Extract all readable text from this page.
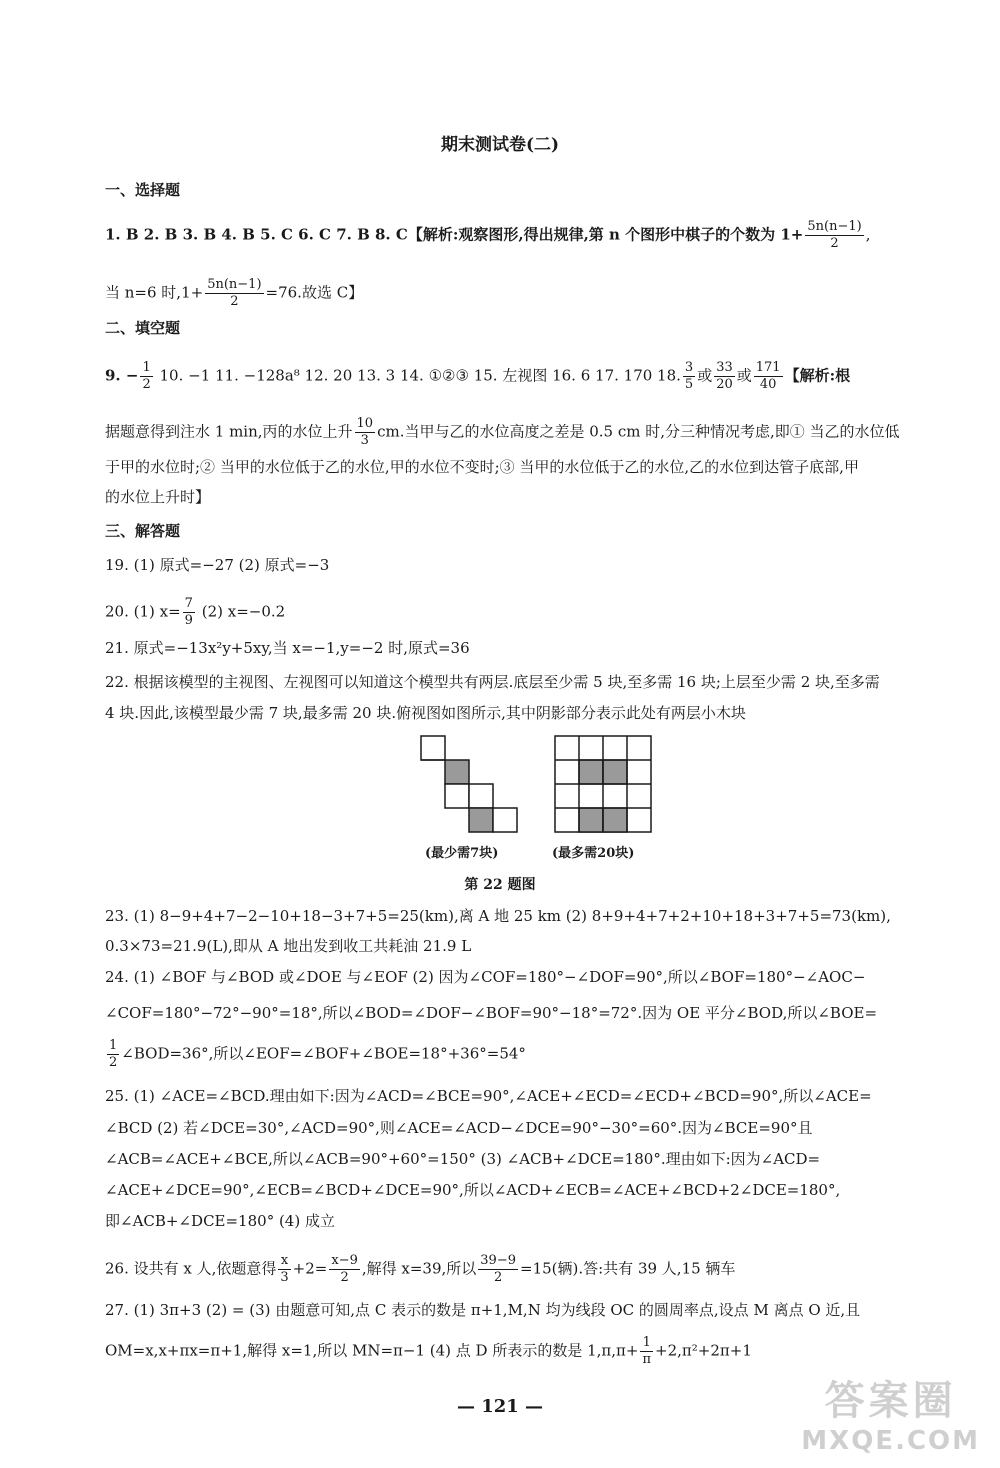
期末测试卷(二)
一、选择题
1. B 2. B 3. B 4. B 5. C 6. C 7. B 8. C【解析:观察图形,得出规律,第 n 个图形中棋子的个数为 $1+ \frac{5n(n-1)}{2}$ ,
当 n=6 时$,1+ \frac{5n(n-1)}{2} =76$.故选 C】
二、填空题
9. − $\frac{1}{2} 10$. −1 11. −128a⁸ 12. 20 13. 3 14. ①②③ 15. 左视图 16. 6 17. 170 18. $\frac{3}{5}$ 或 $\frac{33}{20}$ 或 $\frac{171}{40}$ 【解析:根
据题意得到注水 1 min,丙的水位上升 $\frac{10}{3}$ cm.当甲与乙的水位高度之差是 0.5 cm 时,分三种情况考虑,即① 当乙的水位低
于甲的水位时;② 当甲的水位低于乙的水位,甲的水位不变时;③ 当甲的水位低于乙的水位,乙的水位到达管子底部,甲
的水位上升时】
三、解答题
19. (1) 原式=−27 (2) 原式=−3
20. (1) $x= \frac{7}{9} (2)$ x=−0.2
21. 原式=−13x²y+5xy,当 x=−1,y=−2 时,原式=36
22. 根据该模型的主视图、左视图可以知道这个模型共有两层.底层至少需 5 块,至多需 16 块;上层至少需 2 块,至多需
4 块.因此,该模型最少需 7 块,最多需 20 块.俯视图如图所示,其中阴影部分表示此处有两层小木块
(最少需7块)	(最多需20块)
第 22 题图
23. (1) 8−9+4+7−2−10+18−3+7+5=25(km),离 A 地 25 km (2) 8+9+4+7+2+10+18+3+7+5=73(km),
0.3×73=21.9(L),即从 A 地出发到收工共耗油 21.9 L
24. (1) ∠BOF 与∠BOD 或∠DOE 与∠EOF (2) 因为∠COF=180°−∠DOF=90°,所以∠BOF=180°−∠AOC−
∠COF=180°−72°−90°=18°,所以∠BOD=∠DOF−∠BOF=90°−18°=72°.因为 OE 平分∠BOD,所以∠BOE=
$\frac{1}{2}$ ∠BOD=36°,所以∠EOF=∠BOF+∠BOE=18°+36°=54°
25. (1) ∠ACE=∠BCD.理由如下:因为∠ACD=∠BCE=90°,∠ACE+∠ECD=∠ECD+∠BCD=90°,所以∠ACE=
∠BCD (2) 若∠DCE=30°,∠ACD=90°,则∠ACE=∠ACD−∠DCE=90°−30°=60°.因为∠BCE=90°且
∠ACB=∠ACE+∠BCE,所以∠ACB=90°+60°=150° (3) ∠ACB+∠DCE=180°.理由如下:因为∠ACD=
∠ACE+∠DCE=90°,∠ECB=∠BCD+∠DCE=90°,所以∠ACD+∠ECB=∠ACE+∠BCD+2∠DCE=180°,
即∠ACB+∠DCE=180° (4) 成立
26. 设共有 x 人,依题意得 $\frac{x}{3} +2= \frac{x-9}{2}$ ,解得 x=39,所以 $\frac{39-9}{2} =15$(辆).答:共有 39 人,15 辆车
27. (1) 3π+3 (2) = (3) 由题意可知,点 C 表示的数是 π+1,M,N 均为线段 OC 的圆周率点,设点 M 离点 O 近,且
OM=x,x+πx=π+1,解得 x=1,所以 MN=π−1 (4) 点 D 所表示的数是 $1,\pi,\pi+ \frac{1}{\pi} +2,\pi^2+2\pi+1$
— 121 —	答案圈
MXQE.COM
